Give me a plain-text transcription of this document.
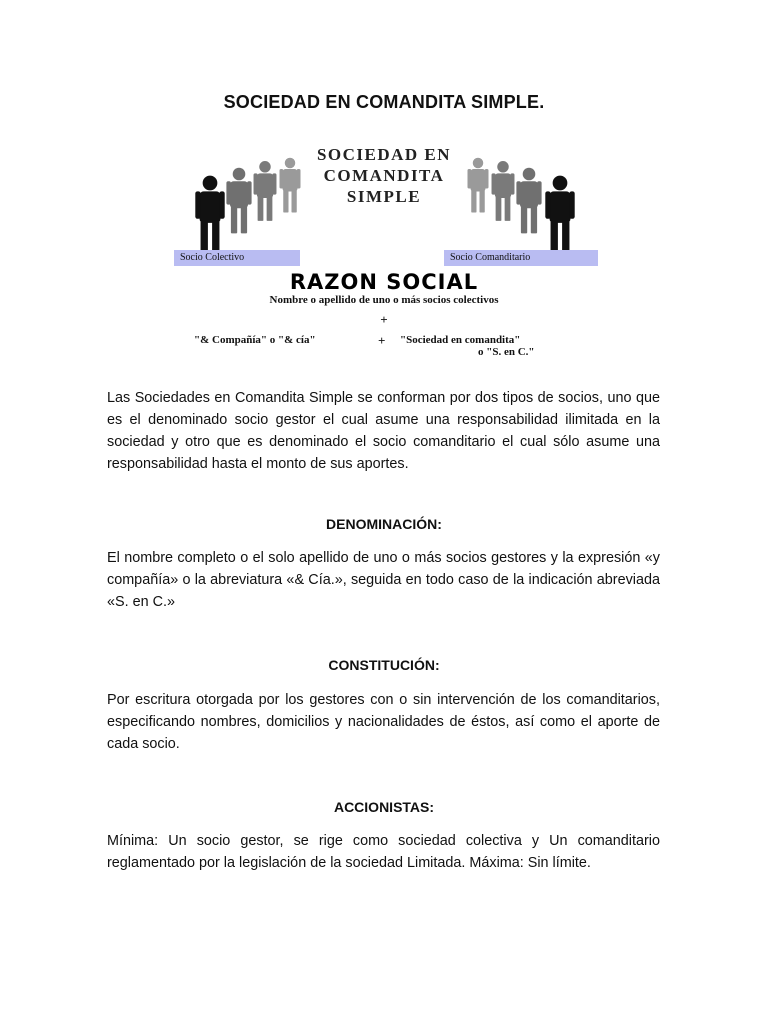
SOCIEDAD EN COMANDITA SIMPLE.
SOCIEDAD EN
COMANDITA
SIMPLE
Socio Colectivo	Socio Comanditario
RAZON SOCIAL
Nombre o apellido de uno o más socios colectivos
+
"& Compañía" o "& cía"	+ "Sociedad en comandita"
o "S. en C."
Las Sociedades en Comandita Simple se conforman por dos tipos de socios, uno que es el denominado socio gestor el cual asume una responsabilidad ilimitada en la sociedad y otro que es denominado el socio comanditario el cual sólo asume una responsabilidad hasta el monto de sus aportes.
DENOMINACIÓN:
El nombre completo o el solo apellido de uno o más socios gestores y la expresión «y compañía» o la abreviatura «& Cía.», seguida en todo caso de la indicación abreviada «S. en C.»
CONSTITUCIÓN:
Por escritura otorgada por los gestores con o sin intervención de los comanditarios, especificando nombres, domicilios y nacionalidades de éstos, así como el aporte de cada socio.
ACCIONISTAS:
Mínima: Un socio gestor, se rige como sociedad colectiva y Un comanditario reglamentado por la legislación de la sociedad Limitada. Máxima: Sin límite.
